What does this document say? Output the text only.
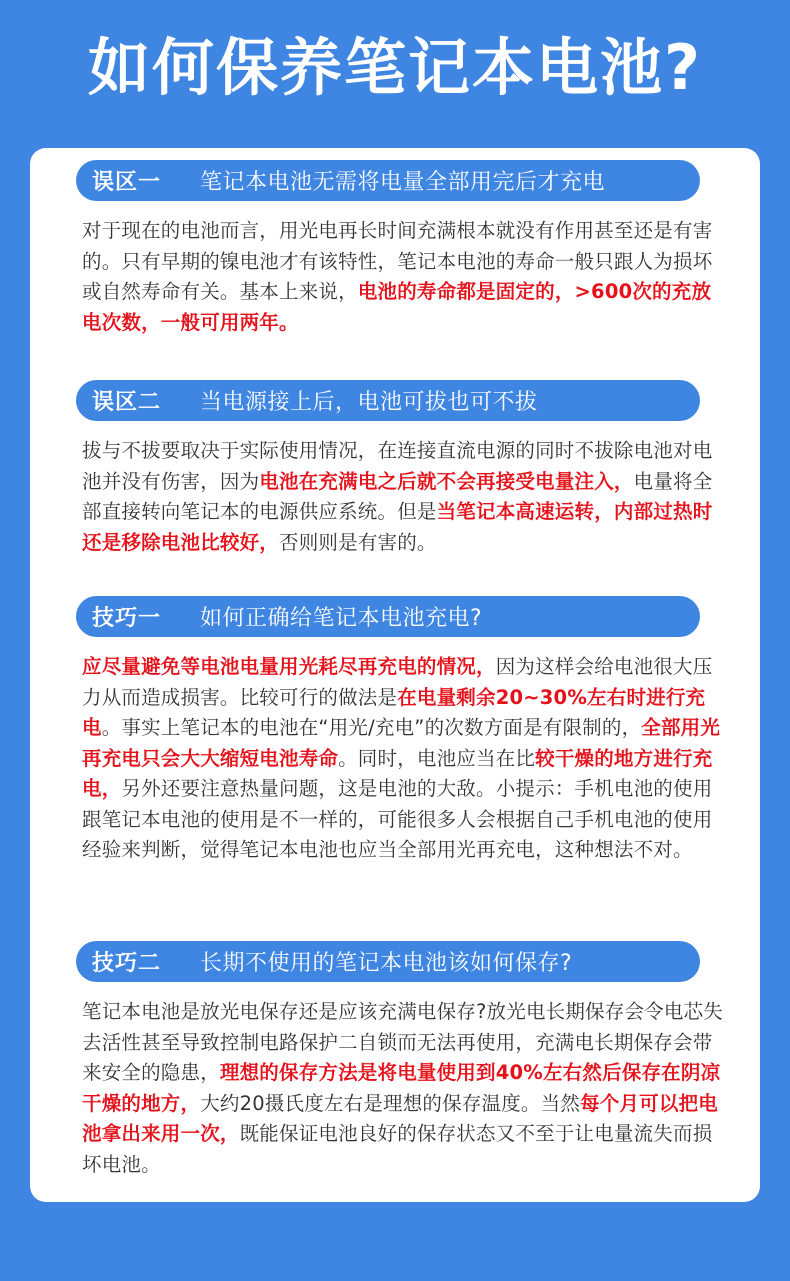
如何保养笔记本电池?
误区一	笔记本电池无需将电量全部用完后才充电

对于现在的电池而言，用光电再长时间充满根本就没有作用甚至还是有害的。只有早期的镍电池才有该特性，笔记本电池的寿命一般只跟人为损坏或自然寿命有关。基本上来说，电池的寿命都是固定的，>600次的充放电次数，一般可用两年。

误区二	当电源接上后，电池可拔也可不拔

拔与不拔要取决于实际使用情况，在连接直流电源的同时不拔除电池对电池并没有伤害，因为电池在充满电之后就不会再接受电量注入，电量将全部直接转向笔记本的电源供应系统。但是当笔记本高速运转，内部过热时还是移除电池比较好，否则则是有害的。

技巧一	如何正确给笔记本电池充电?

应尽量避免等电池电量用光耗尽再充电的情况，因为这样会给电池很大压力从而造成损害。比较可行的做法是在电量剩余20~30%左右时进行充电。事实上笔记本的电池在“用光/充电”的次数方面是有限制的，全部用光再充电只会大大缩短电池寿命。同时，电池应当在比较干燥的地方进行充电，另外还要注意热量问题，这是电池的大敌。小提示：手机电池的使用跟笔记本电池的使用是不一样的，可能很多人会根据自己手机电池的使用经验来判断，觉得笔记本电池也应当全部用光再充电，这种想法不对。

技巧二	长期不使用的笔记本电池该如何保存?

笔记本电池是放光电保存还是应该充满电保存?放光电长期保存会令电芯失去活性甚至导致控制电路保护二自锁而无法再使用，充满电长期保存会带来安全的隐患，理想的保存方法是将电量使用到40%左右然后保存在阴凉干燥的地方，大约20摄氏度左右是理想的保存温度。当然每个月可以把电池拿出来用一次，既能保证电池良好的保存状态又不至于让电量流失而损坏电池。
